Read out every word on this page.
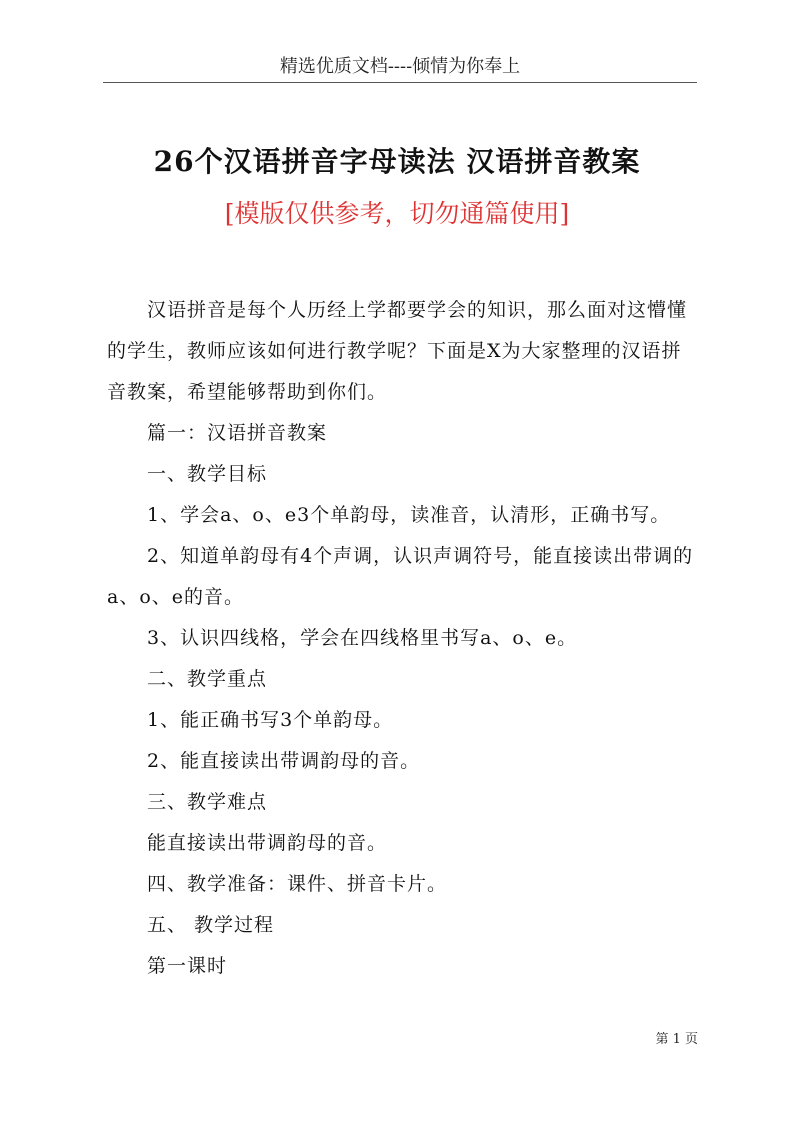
精选优质文档----倾情为你奉上
26个汉语拼音字母读法 汉语拼音教案
[模版仅供参考，切勿通篇使用]

汉语拼音是每个人历经上学都要学会的知识，那么面对这懵懂的学生，教师应该如何进行教学呢？下面是X为大家整理的汉语拼音教案，希望能够帮助到你们。

篇一：汉语拼音教案

一、教学目标

1、学会a、o、e3个单韵母，读准音，认清形，正确书写。

2、知道单韵母有4个声调，认识声调符号，能直接读出带调的a、o、e的音。

3、认识四线格，学会在四线格里书写a、o、e。

二、教学重点

1、能正确书写3个单韵母。

2、能直接读出带调韵母的音。

三、教学难点

能直接读出带调韵母的音。

四、教学准备：课件、拼音卡片。

五、 教学过程

第一课时

第 1 页
